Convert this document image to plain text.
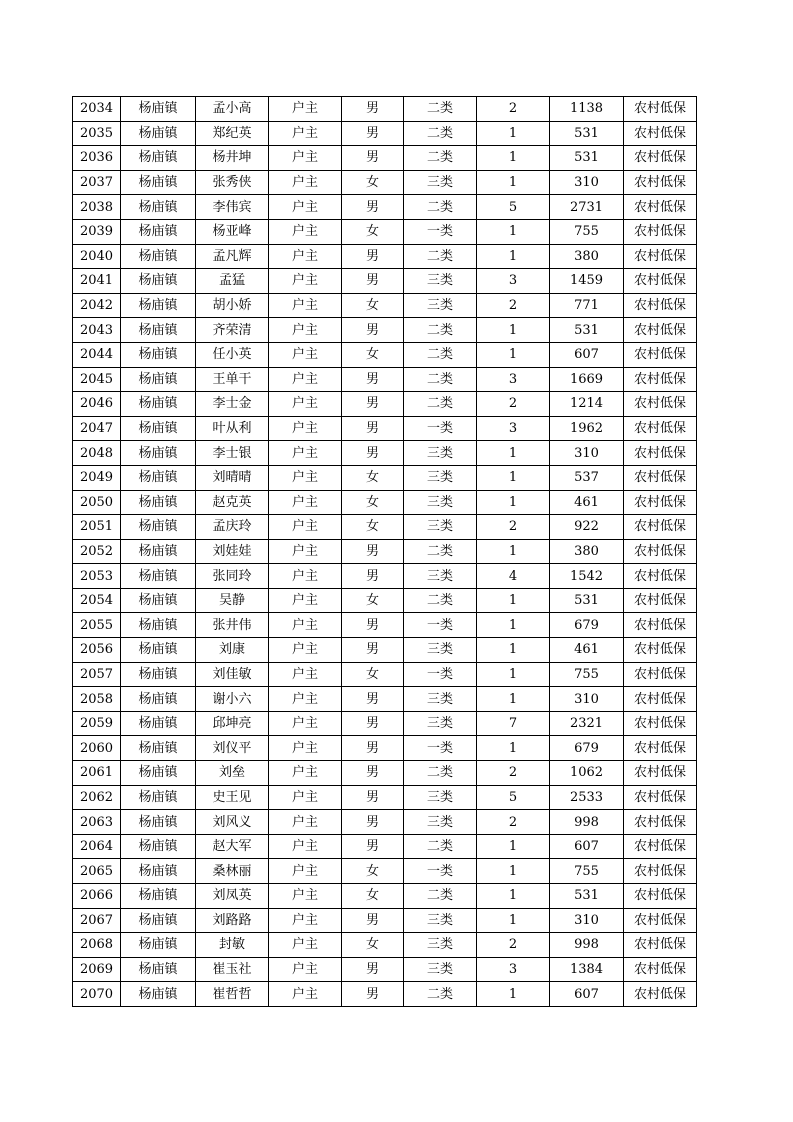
2034	杨庙镇	孟小高	户主	男	二类	2	1138	农村低保
2035	杨庙镇	郑纪英	户主	男	二类	1	531	农村低保
2036	杨庙镇	杨井坤	户主	男	二类	1	531	农村低保
2037	杨庙镇	张秀侠	户主	女	三类	1	310	农村低保
2038	杨庙镇	李伟宾	户主	男	二类	5	2731	农村低保
2039	杨庙镇	杨亚峰	户主	女	一类	1	755	农村低保
2040	杨庙镇	孟凡辉	户主	男	二类	1	380	农村低保
2041	杨庙镇	孟猛	户主	男	三类	3	1459	农村低保
2042	杨庙镇	胡小娇	户主	女	三类	2	771	农村低保
2043	杨庙镇	齐荣清	户主	男	二类	1	531	农村低保
2044	杨庙镇	任小英	户主	女	二类	1	607	农村低保
2045	杨庙镇	王单干	户主	男	二类	3	1669	农村低保
2046	杨庙镇	李士金	户主	男	二类	2	1214	农村低保
2047	杨庙镇	叶从利	户主	男	一类	3	1962	农村低保
2048	杨庙镇	李士银	户主	男	三类	1	310	农村低保
2049	杨庙镇	刘晴晴	户主	女	三类	1	537	农村低保
2050	杨庙镇	赵克英	户主	女	三类	1	461	农村低保
2051	杨庙镇	孟庆玲	户主	女	三类	2	922	农村低保
2052	杨庙镇	刘娃娃	户主	男	二类	1	380	农村低保
2053	杨庙镇	张同玲	户主	男	三类	4	1542	农村低保
2054	杨庙镇	吴静	户主	女	二类	1	531	农村低保
2055	杨庙镇	张井伟	户主	男	一类	1	679	农村低保
2056	杨庙镇	刘康	户主	男	三类	1	461	农村低保
2057	杨庙镇	刘佳敏	户主	女	一类	1	755	农村低保
2058	杨庙镇	谢小六	户主	男	三类	1	310	农村低保
2059	杨庙镇	邱坤亮	户主	男	三类	7	2321	农村低保
2060	杨庙镇	刘仪平	户主	男	一类	1	679	农村低保
2061	杨庙镇	刘垒	户主	男	二类	2	1062	农村低保
2062	杨庙镇	史王见	户主	男	三类	5	2533	农村低保
2063	杨庙镇	刘风义	户主	男	三类	2	998	农村低保
2064	杨庙镇	赵大军	户主	男	二类	1	607	农村低保
2065	杨庙镇	桑林丽	户主	女	一类	1	755	农村低保
2066	杨庙镇	刘凤英	户主	女	二类	1	531	农村低保
2067	杨庙镇	刘路路	户主	男	三类	1	310	农村低保
2068	杨庙镇	封敏	户主	女	三类	2	998	农村低保
2069	杨庙镇	崔玉社	户主	男	三类	3	1384	农村低保
2070	杨庙镇	崔哲哲	户主	男	二类	1	607	农村低保
